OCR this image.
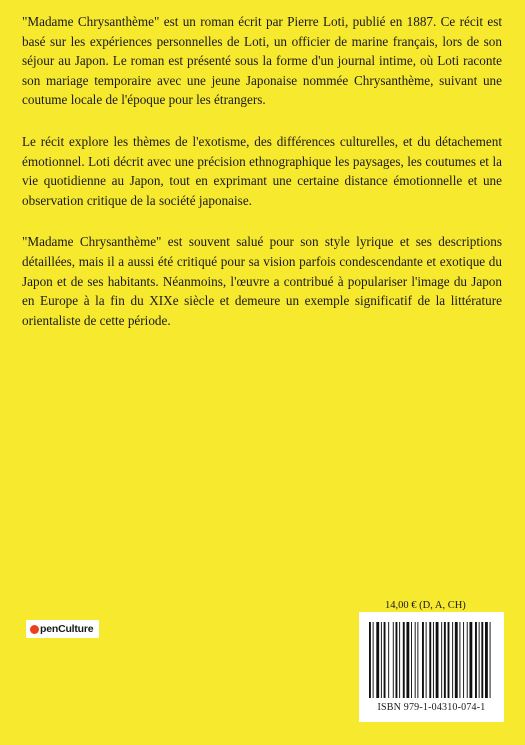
"Madame Chrysanthème" est un roman écrit par Pierre Loti, publié en 1887. Ce récit est basé sur les expériences personnelles de Loti, un officier de marine français, lors de son séjour au Japon. Le roman est présenté sous la forme d'un journal intime, où Loti raconte son mariage temporaire avec une jeune Japonaise nommée Chrysanthème, suivant une coutume locale de l'époque pour les étrangers.

Le récit explore les thèmes de l'exotisme, des différences culturelles, et du détachement émotionnel. Loti décrit avec une précision ethnographique les paysages, les coutumes et la vie quotidienne au Japon, tout en exprimant une certaine distance émotionnelle et une observation critique de la société japonaise.

"Madame Chrysanthème" est souvent salué pour son style lyrique et ses descriptions détaillées, mais il a aussi été critiqué pour sa vision parfois condescendante et exotique du Japon et de ses habitants. Néanmoins, l'œuvre a contribué à populariser l'image du Japon en Europe à la fin du XIXe siècle et demeure un exemple significatif de la littérature orientaliste de cette période.

penCulture
14,00 € (D, A, CH)
ISBN 979-1-04310-074-1
